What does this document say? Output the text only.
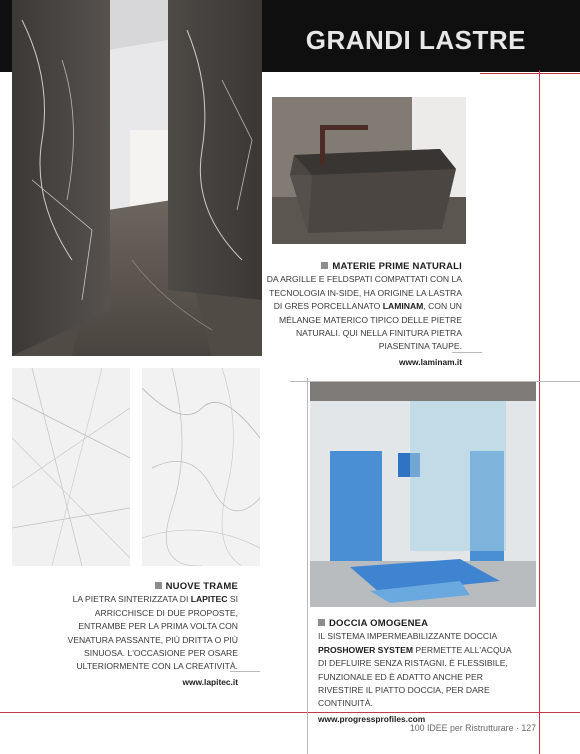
GRANDI LASTRE
MATERIE PRIME NATURALI
DA ARGILLE E FELDSPATI COMPATTATI CON LA TECNOLOGIA IN-SIDE, HA ORIGINE LA LASTRA DI GRES PORCELLANATO LAMINAM, CON UN MÉLANGE MATERICO TIPICO DELLE PIETRE NATURALI. QUI NELLA FINITURA PIETRA PIASENTINA TAUPE.
www.laminam.it
NUOVE TRAME
LA PIETRA SINTERIZZATA DI LAPITEC SI ARRICCHISCE DI DUE PROPOSTE, ENTRAMBE PER LA PRIMA VOLTA CON VENATURA PASSANTE, PIÙ DRITTA O PIÙ SINUOSA. L'OCCASIONE PER OSARE ULTERIORMENTE CON LA CREATIVITÀ.
www.lapitec.it
DOCCIA OMOGENEA
IL SISTEMA IMPERMEABILIZZANTE DOCCIA PROSHOWER SYSTEM PERMETTE ALL'ACQUA DI DEFLUIRE SENZA RISTAGNI. È FLESSIBILE, FUNZIONALE ED È ADATTO ANCHE PER RIVESTIRE IL PIATTO DOCCIA, PER DARE CONTINUITÀ.
www.progressprofiles.com
100 IDEE per Ristrutturare · 127
